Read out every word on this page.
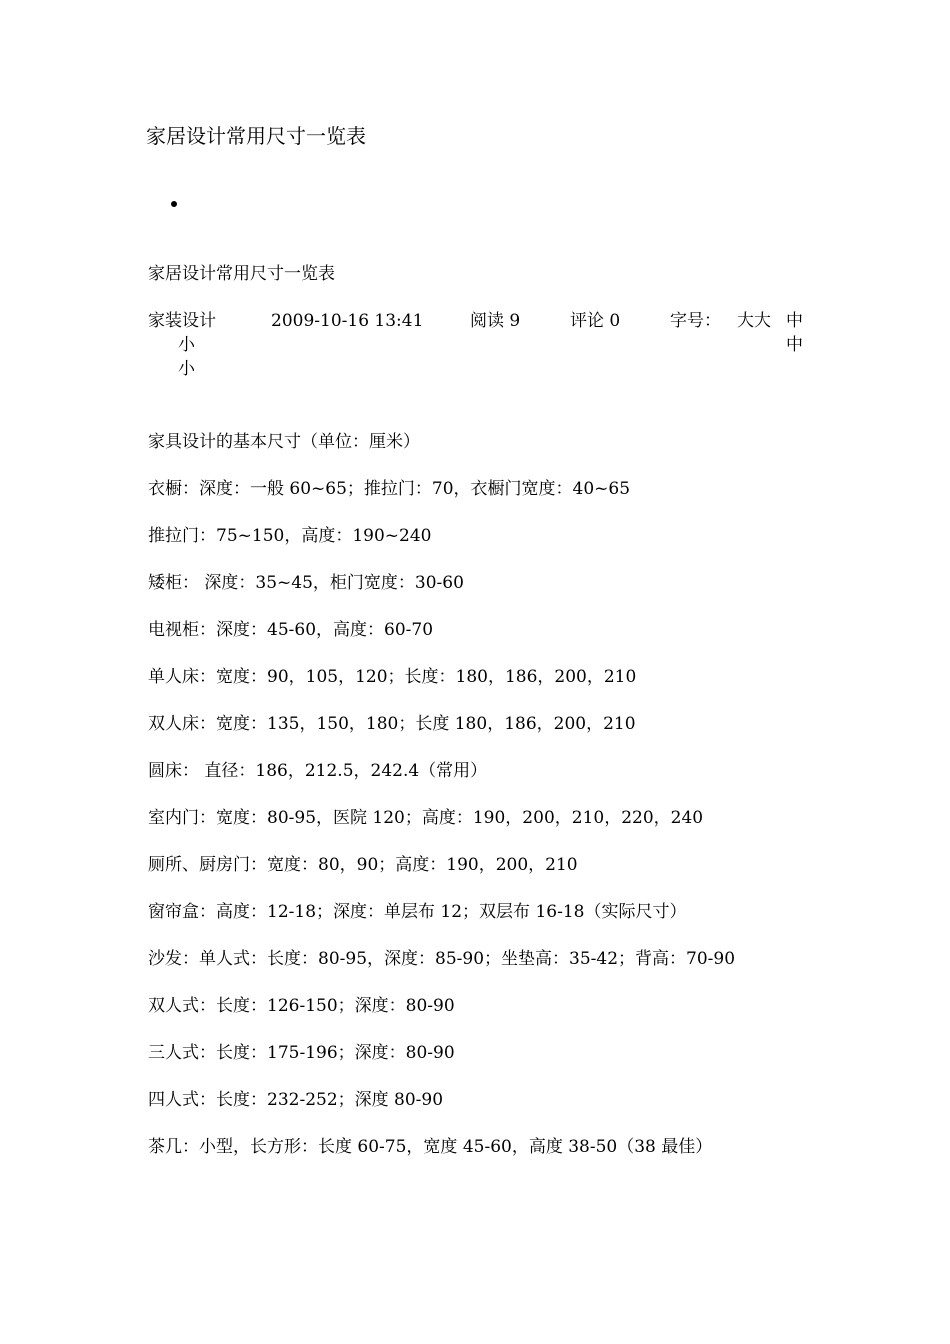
家居设计常用尺寸一览表
家居设计常用尺寸一览表
家装设计	2009-10-16 13:41	阅读 9	评论 0	字号： 大大 中中
小小

家具设计的基本尺寸（单位：厘米）

衣橱：深度：一般 60~65；推拉门：70，衣橱门宽度：40~65

推拉门：75~150，高度：190~240

矮柜： 深度：35~45，柜门宽度：30-60

电视柜：深度：45-60，高度：60-70

单人床：宽度：90，105，120；长度：180，186，200，210

双人床：宽度：135，150，180；长度 180，186，200，210

圆床： 直径：186，212.5，242.4（常用）

室内门：宽度：80-95，医院 120；高度：190，200，210，220，240

厕所、厨房门：宽度：80，90；高度：190，200，210

窗帘盒：高度：12-18；深度：单层布 12；双层布 16-18（实际尺寸）

沙发：单人式：长度：80-95，深度：85-90；坐垫高：35-42；背高：70-90

双人式：长度：126-150；深度：80-90

三人式：长度：175-196；深度：80-90

四人式：长度：232-252；深度 80-90

茶几：小型，长方形：长度 60-75，宽度 45-60，高度 38-50（38 最佳）
